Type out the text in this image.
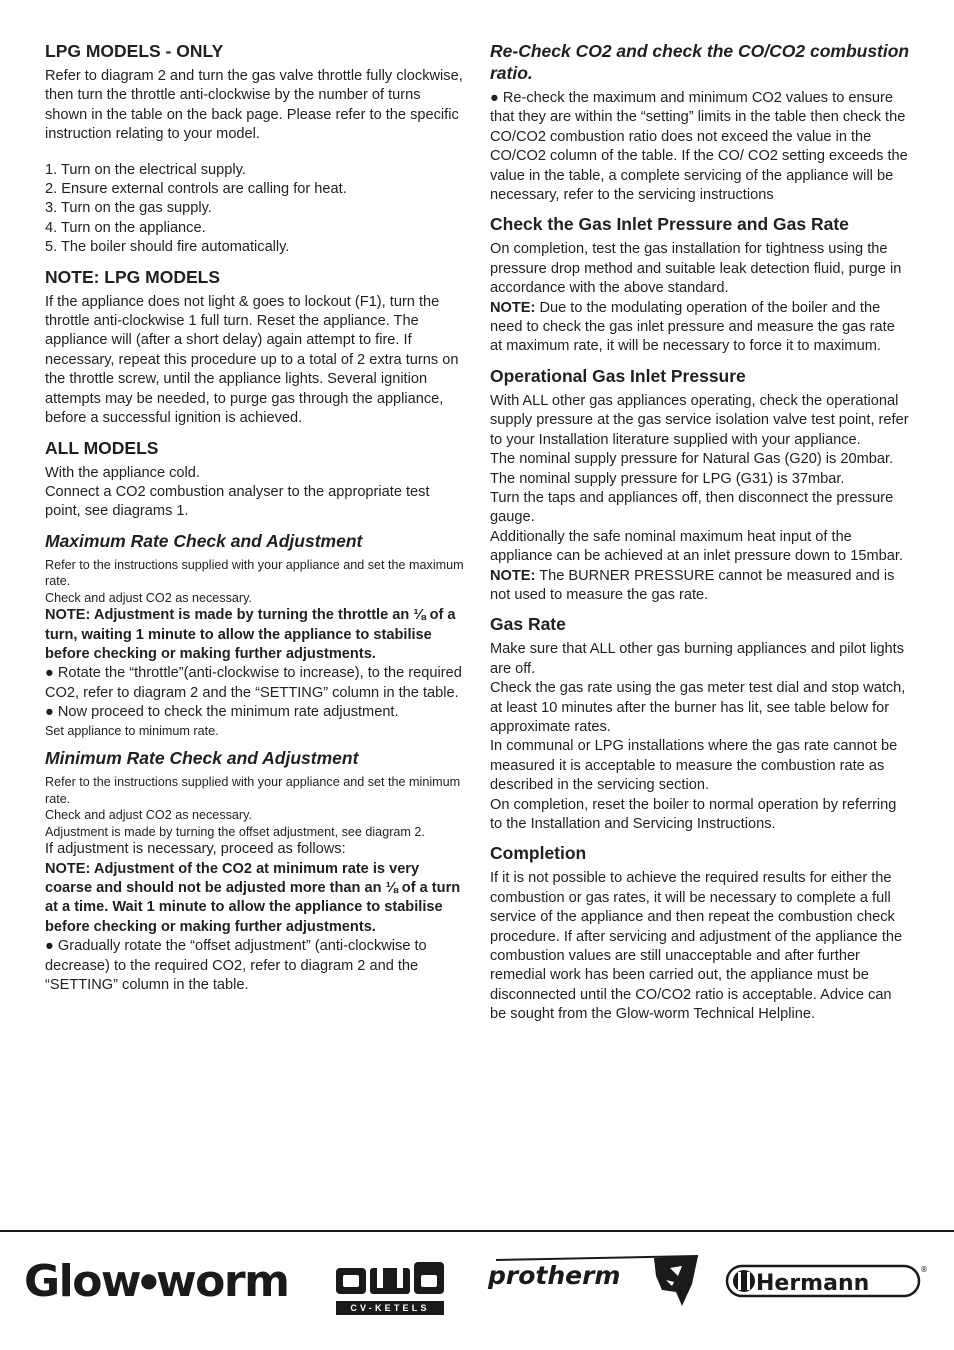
LPG MODELS - ONLY

Refer to diagram 2 and turn the gas valve throttle fully clockwise, then turn the throttle anti-clockwise by the number of turns shown in the table on the back page. Please refer to the specific instruction relating to your model.

1. Turn on the electrical supply.

2. Ensure external controls are calling for heat.

3. Turn on the gas supply.

4. Turn on the appliance.

5. The boiler should fire automatically.

NOTE: LPG MODELS

If the appliance does not light & goes to lockout (F1), turn the throttle anti-clockwise 1 full turn. Reset the appliance. The appliance will (after a short delay) again attempt to fire. If necessary, repeat this procedure up to a total of 2 extra turns on the throttle screw, until the appliance lights. Several ignition attempts may be needed, to purge gas through the appliance, before a successful ignition is achieved.

ALL MODELS

With the appliance cold.

Connect a CO2 combustion analyser to the appropriate test point, see diagrams 1.

Maximum Rate Check and Adjustment

Refer to the instructions supplied with your appliance and set the maximum rate.

Check and adjust CO2 as necessary.

NOTE: Adjustment is made by turning the throttle an ⅛ of a turn, waiting 1 minute to allow the appliance to stabilise before checking or making further adjustments.

● Rotate the “throttle”(anti-clockwise to increase), to the required CO2, refer to diagram 2 and the “SETTING” column in the table.

● Now proceed to check the minimum rate adjustment.

Set appliance to minimum rate.

Minimum Rate Check and Adjustment

Refer to the instructions supplied with your appliance and set the minimum rate.

Check and adjust CO2 as necessary.

Adjustment is made by turning the offset adjustment, see diagram 2.

If adjustment is necessary, proceed as follows:

NOTE: Adjustment of the CO2 at minimum rate is very coarse and should not be adjusted more than an ⅛ of a turn at a time. Wait 1 minute to allow the appliance to stabilise before checking or making further adjustments.

● Gradually rotate the “offset adjustment” (anti-clockwise to decrease) to the required CO2, refer to diagram 2 and the “SETTING” column in the table.

Re-Check CO2 and check the CO/CO2 combustion ratio.

● Re-check the maximum and minimum CO2 values to ensure that they are within the “setting” limits in the table then check the CO/CO2 combustion ratio does not exceed the value in the CO/CO2 column of the table. If the CO/ CO2 setting exceeds the value in the table, a complete servicing of the appliance will be necessary, refer to the servicing instructions

Check the Gas Inlet Pressure and Gas Rate

On completion, test the gas installation for tightness using the pressure drop method and suitable leak detection fluid, purge in accordance with the above standard.

NOTE: Due to the modulating operation of the boiler and the need to check the gas inlet pressure and measure the gas rate at maximum rate, it will be necessary to force it to maximum.

Operational Gas Inlet Pressure

With ALL other gas appliances operating, check the operational supply pressure at the gas service isolation valve test point, refer to your Installation literature supplied with your appliance.

The nominal supply pressure for Natural Gas (G20) is 20mbar.

The nominal supply pressure for LPG (G31) is 37mbar.

Turn the taps and appliances off, then disconnect the pressure gauge.

Additionally the safe nominal maximum heat input of the appliance can be achieved at an inlet pressure down to 15mbar.

NOTE: The BURNER PRESSURE cannot be measured and is not used to measure the gas rate.

Gas Rate

Make sure that ALL other gas burning appliances and pilot lights are off.

Check the gas rate using the gas meter test dial and stop watch, at least 10 minutes after the burner has lit, see table below for approximate rates.

In communal or LPG installations where the gas rate cannot be measured it is acceptable to measure the combustion rate as described in the servicing section.

On completion, reset the boiler to normal operation by referring to the Installation and Servicing Instructions.

Completion

If it is not possible to achieve the required results for either the combustion or gas rates, it will be necessary to complete a full service of the appliance and then repeat the combustion check procedure. If after servicing and adjustment of the appliance the combustion values are still unacceptable and after further remedial work has been carried out, the appliance must be disconnected until the CO/CO2 ratio is acceptable. Advice can be sought from the Glow-worm Technical Helpline.

Glow●worm
CV-KETELS
protherm	Hermann
®
